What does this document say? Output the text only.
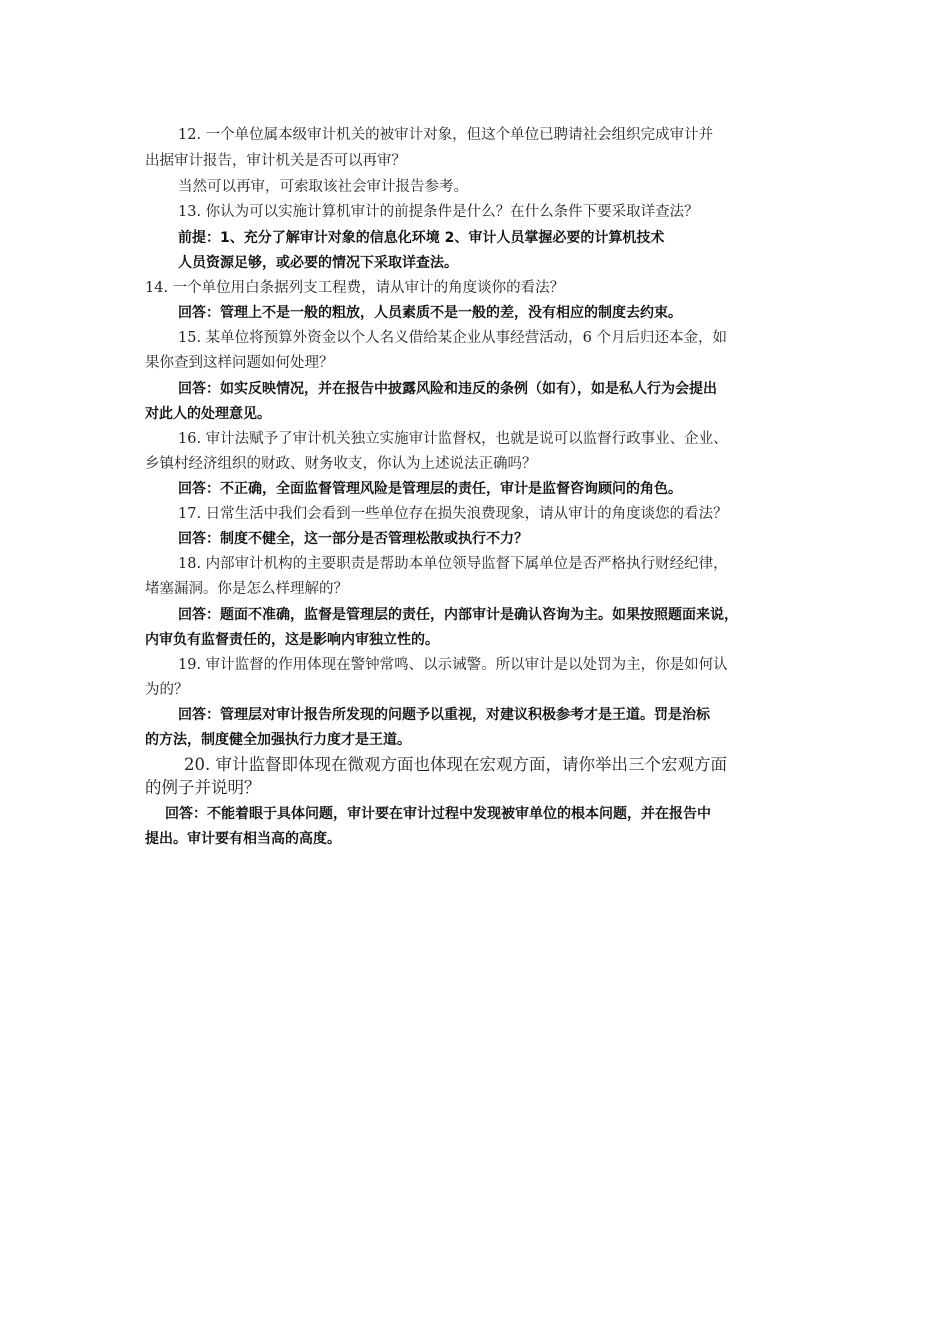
12. 一个单位属本级审计机关的被审计对象，但这个单位已聘请社会组织完成审计并
出据审计报告，审计机关是否可以再审？
当然可以再审，可索取该社会审计报告参考。
13. 你认为可以实施计算机审计的前提条件是什么？在什么条件下要采取详查法？
前提：1、充分了解审计对象的信息化环境 2、审计人员掌握必要的计算机技术
人员资源足够，或必要的情况下采取详查法。
14. 一个单位用白条据列支工程费，请从审计的角度谈你的看法？
回答：管理上不是一般的粗放，人员素质不是一般的差，没有相应的制度去约束。
15. 某单位将预算外资金以个人名义借给某企业从事经营活动，6 个月后归还本金，如
果你查到这样问题如何处理？
回答：如实反映情况，并在报告中披露风险和违反的条例（如有），如是私人行为会提出
对此人的处理意见。
16. 审计法赋予了审计机关独立实施审计监督权，也就是说可以监督行政事业、企业、
乡镇村经济组织的财政、财务收支，你认为上述说法正确吗？
回答：不正确，全面监督管理风险是管理层的责任，审计是监督咨询顾问的角色。
17. 日常生活中我们会看到一些单位存在损失浪费现象，请从审计的角度谈您的看法？
回答：制度不健全，这一部分是否管理松散或执行不力？
18. 内部审计机构的主要职责是帮助本单位领导监督下属单位是否严格执行财经纪律，
堵塞漏洞。你是怎么样理解的？
回答：题面不准确，监督是管理层的责任，内部审计是确认咨询为主。如果按照题面来说，
内审负有监督责任的，这是影响内审独立性的。
19. 审计监督的作用体现在警钟常鸣、以示诫警。所以审计是以处罚为主，你是如何认
为的？
回答：管理层对审计报告所发现的问题予以重视，对建议积极参考才是王道。罚是治标
的方法，制度健全加强执行力度才是王道。
20. 审计监督即体现在微观方面也体现在宏观方面，请你举出三个宏观方面
的例子并说明？
回答：不能着眼于具体问题，审计要在审计过程中发现被审单位的根本问题，并在报告中
提出。审计要有相当高的高度。
